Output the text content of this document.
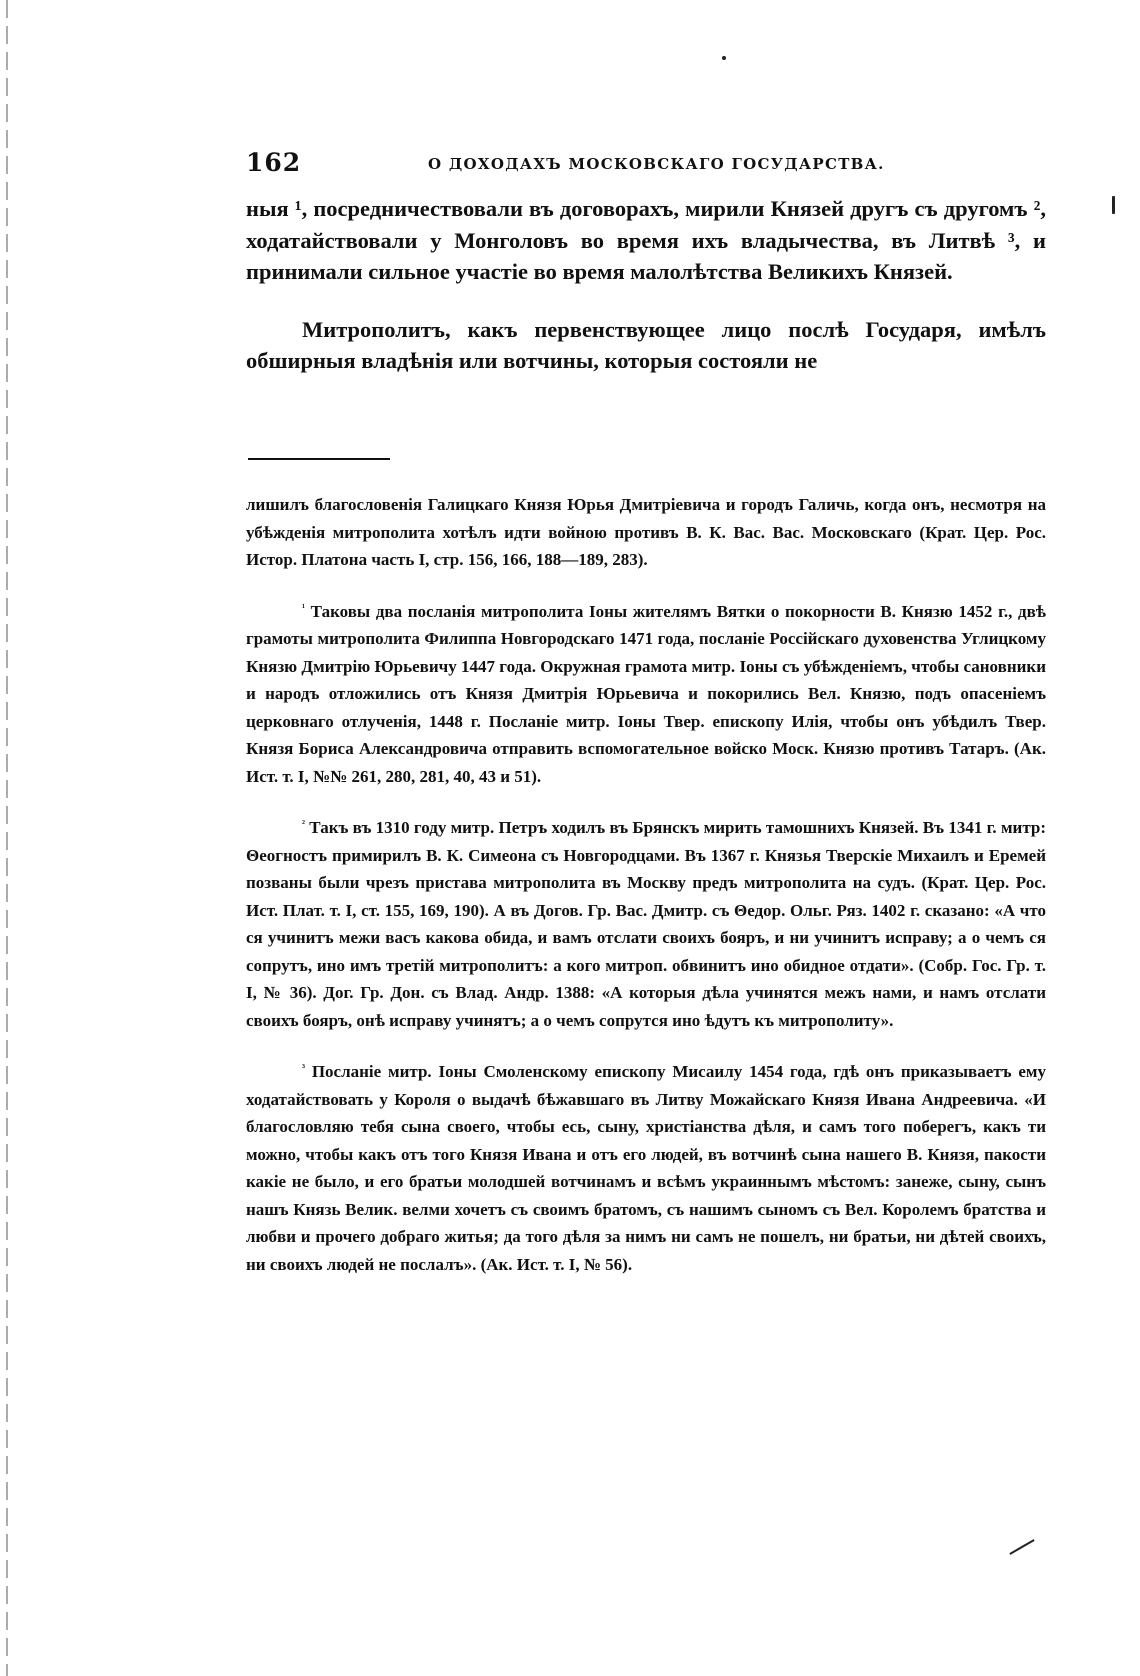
162	О ДОХОДАХЪ МОСКОВСКАГО ГОСУДАРСТВА.

ныя ¹, посредничествовали въ договорахъ, мирили Князей другъ съ другомъ ², ходатайствовали у Монголовъ во время ихъ владычества, въ Литвѣ ³, и принимали сильное участіе во время малолѣтства Великихъ Князей.

Митрополитъ, какъ первенствующее лицо послѣ Государя, имѣлъ обширныя владѣнія или вотчины, которыя состояли не

лишилъ благословенія Галицкаго Князя Юрья Дмитріевича и городъ Галичь, когда онъ, несмотря на убѣжденія митрополита хотѣлъ идти войною противъ В. К. Вас. Вас. Московскаго (Крат. Цер. Рос. Истор. Платона часть I, стр. 156, 166, 188—189, 283).

$^{^1}$ Таковы два посланія митрополита Іоны жителямъ Вятки о покорности В. Князю 1452 г., двѣ грамоты митрополита Филиппа Новгородскаго 1471 года, посланіе Россійскаго духовенства Углицкому Князю Дмитрію Юрьевичу 1447 года. Окружная грамота митр. Іоны съ убѣжденіемъ, чтобы сановники и народъ отложились отъ Князя Дмитрія Юрьевича и покорились Вел. Князю, подъ опасеніемъ церковнаго отлученія, 1448 г. Посланіе митр. Іоны Твер. епископу Илія, чтобы онъ убѣдилъ Твер. Князя Бориса Александровича отправить вспомогательное войско Моск. Князю противъ Татаръ. (Ак. Ист. т. I, №№ 261, 280, 281, 40, 43 и 51).

$^{^2}$ Такъ въ 1310 году митр. Петръ ходилъ въ Брянскъ мирить тамошнихъ Князей. Въ 1341 г. митр: Θеогностъ примирилъ В. К. Симеона съ Новгородцами. Въ 1367 г. Князья Тверскіе Михаилъ и Еремей позваны были чрезъ пристава митрополита въ Москву предъ митрополита на судъ. (Крат. Цер. Рос. Ист. Плат. т. I, ст. 155, 169, 190). А въ Догов. Гр. Вас. Дмитр. съ Θедор. Ольг. Ряз. 1402 г. сказано: «А что ся учинитъ межи васъ какова обида, и вамъ отслати своихъ бояръ, и ни учинитъ исправу; а о чемъ ся сопрутъ, ино имъ третій митрополитъ: а кого митроп. обвинитъ ино обидное отдати». (Собр. Гос. Гр. т. I, № 36). Дог. Гр. Дон. съ Влад. Андр. 1388: «А которыя дѣла учинятся межъ нами, и намъ отслати своихъ бояръ, онѣ исправу учинятъ; а о чемъ сопрутся ино ѣдутъ къ митрополиту».

$^{^3}$ Посланіе митр. Іоны Смоленскому епископу Мисаилу 1454 года, гдѣ онъ приказываетъ ему ходатайствовать у Короля о выдачѣ бѣжавшаго въ Литву Можайскаго Князя Ивана Андреевича. «И благословляю тебя сына своего, чтобы есь, сыну, христіанства дѣля, и самъ того поберегъ, какъ ти можно, чтобы какъ отъ того Князя Ивана и отъ его людей, въ вотчинѣ сына нашего В. Князя, пакости какіе не было, и его братьи молодшей вотчинамъ и всѣмъ украиннымъ мѣстомъ: занеже, сыну, сынъ нашъ Князь Велик. велми хочетъ съ своимъ братомъ, съ нашимъ сыномъ съ Вел. Королемъ братства и любви и прочего добраго житья; да того дѣля за нимъ ни самъ не пошелъ, ни братьи, ни дѣтей своихъ, ни своихъ людей не послалъ». (Ак. Ист. т. I, № 56).
